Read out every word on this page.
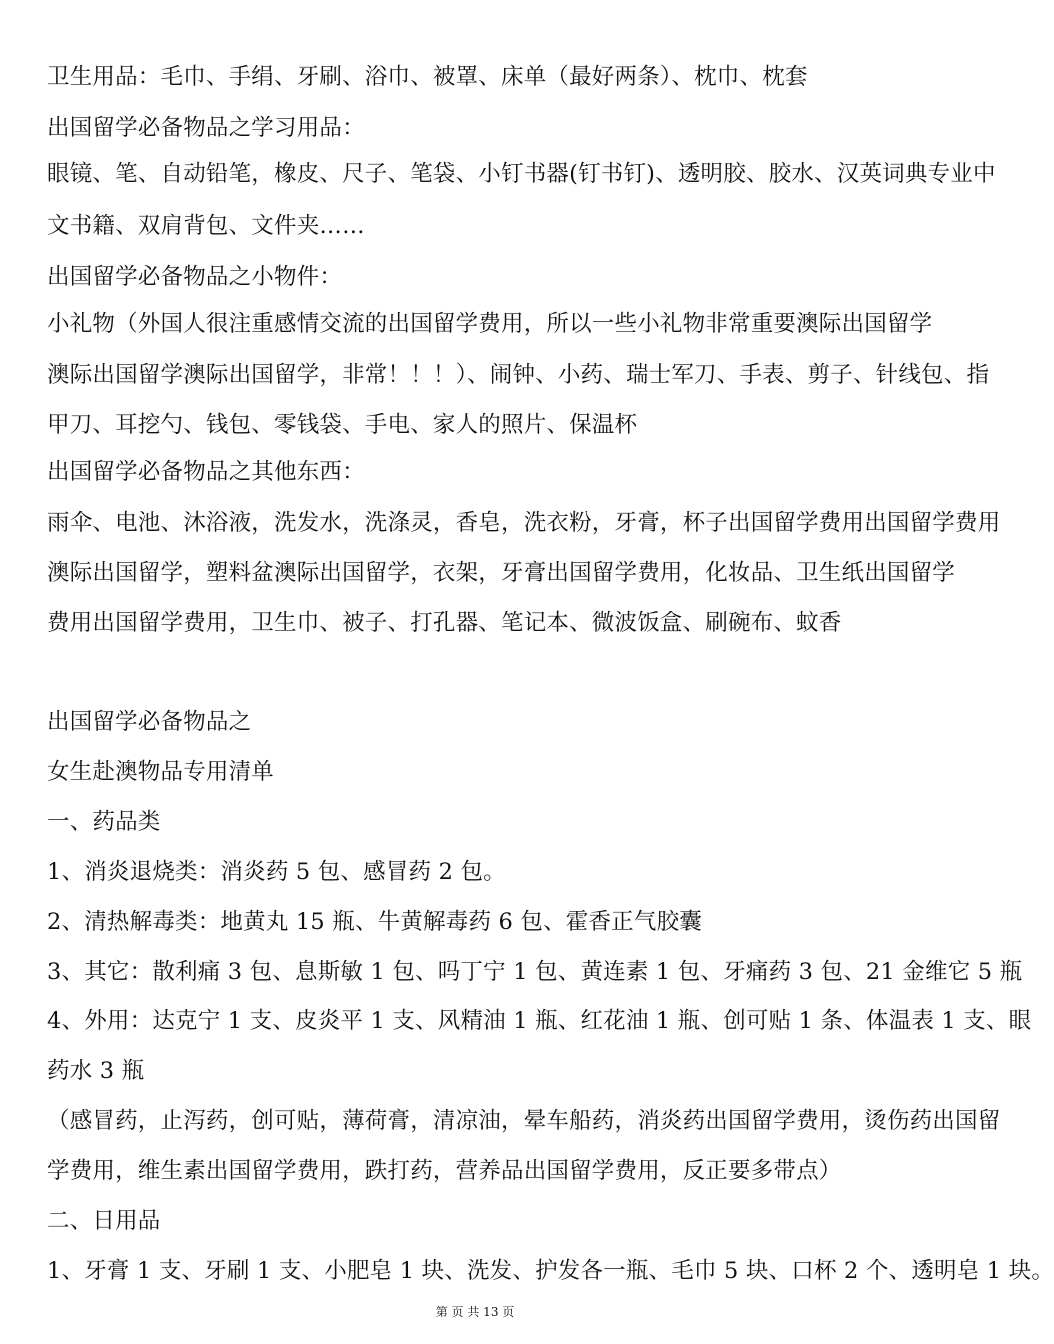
卫生用品：毛巾、手绢、牙刷、浴巾、被罩、床单（最好两条）、枕巾、枕套
出国留学必备物品之学习用品：
眼镜、笔、自动铅笔，橡皮、尺子、笔袋、小钉书器(钉书钉)、透明胶、胶水、汉英词典专业中
文书籍、双肩背包、文件夹……
出国留学必备物品之小物件：
小礼物（外国人很注重感情交流的出国留学费用，所以一些小礼物非常重要澳际出国留学
澳际出国留学澳际出国留学，非常！！！）、闹钟、小药、瑞士军刀、手表、剪子、针线包、指
甲刀、耳挖勺、钱包、零钱袋、手电、家人的照片、保温杯
出国留学必备物品之其他东西：
雨伞、电池、沐浴液，洗发水，洗涤灵，香皂，洗衣粉，牙膏，杯子出国留学费用出国留学费用
澳际出国留学，塑料盆澳际出国留学，衣架，牙膏出国留学费用，化妆品、卫生纸出国留学
费用出国留学费用，卫生巾、被子、打孔器、笔记本、微波饭盒、刷碗布、蚊香
出国留学必备物品之
女生赴澳物品专用清单
一、药品类
1、消炎退烧类：消炎药 5 包、感冒药 2 包。
2、清热解毒类：地黄丸 15 瓶、牛黄解毒药 6 包、霍香正气胶囊
3、其它：散利痛 3 包、息斯敏 1 包、吗丁宁 1 包、黄连素 1 包、牙痛药 3 包、21 金维它 5 瓶
4、外用：达克宁 1 支、皮炎平 1 支、风精油 1 瓶、红花油 1 瓶、创可贴 1 条、体温表 1 支、眼
药水 3 瓶
（感冒药，止泻药，创可贴，薄荷膏，清凉油，晕车船药，消炎药出国留学费用，烫伤药出国留
学费用，维生素出国留学费用，跌打药，营养品出国留学费用，反正要多带点）
二、日用品
1、牙膏 1 支、牙刷 1 支、小肥皂 1 块、洗发、护发各一瓶、毛巾 5 块、口杯 2 个、透明皂 1 块。
第 页 共 13 页
